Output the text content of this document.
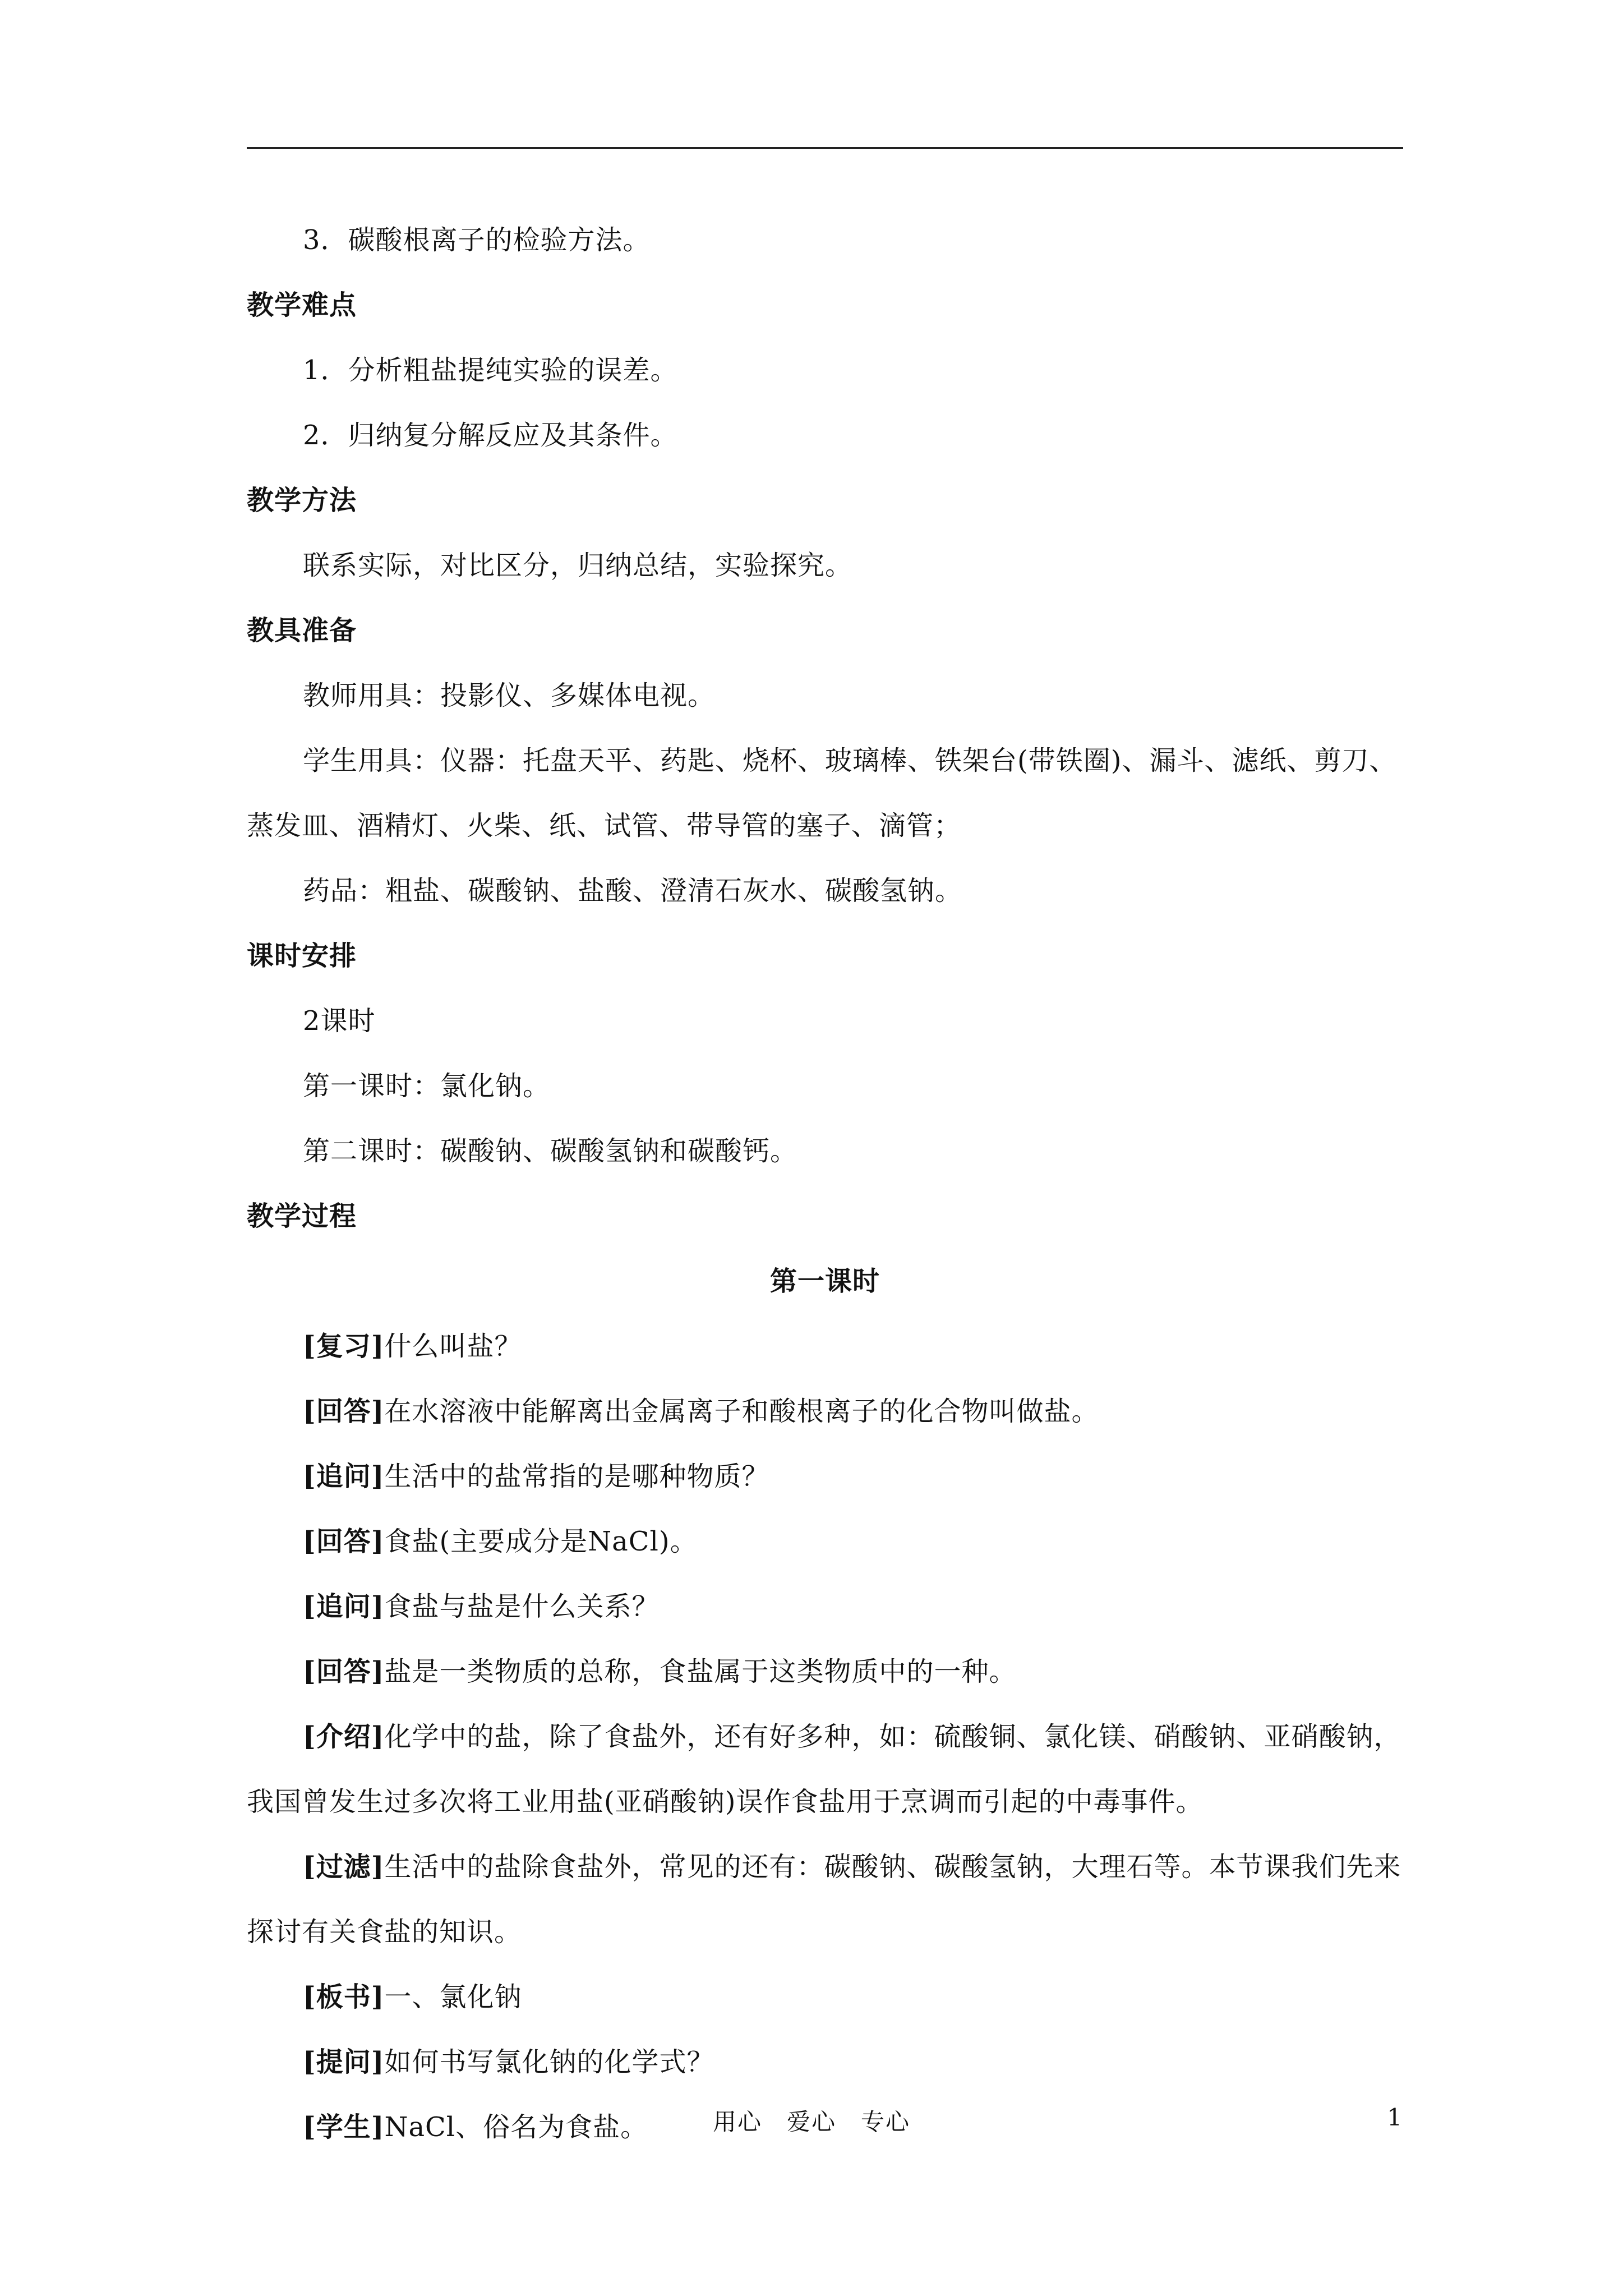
3．碳酸根离子的检验方法。

教学难点

1．分析粗盐提纯实验的误差。

2．归纳复分解反应及其条件。

教学方法

联系实际，对比区分，归纳总结，实验探究。

教具准备

教师用具：投影仪、多媒体电视。

学生用具：仪器：托盘天平、药匙、烧杯、玻璃棒、铁架台(带铁圈)、漏斗、滤纸、剪刀、蒸发皿、酒精灯、火柴、纸、试管、带导管的塞子、滴管；

药品：粗盐、碳酸钠、盐酸、澄清石灰水、碳酸氢钠。

课时安排

2课时

第一课时：氯化钠。

第二课时：碳酸钠、碳酸氢钠和碳酸钙。

教学过程

第一课时

[复习]什么叫盐？

[回答]在水溶液中能解离出金属离子和酸根离子的化合物叫做盐。

[追问]生活中的盐常指的是哪种物质？

[回答]食盐(主要成分是NaCl)。

[追问]食盐与盐是什么关系？

[回答]盐是一类物质的总称，食盐属于这类物质中的一种。

[介绍]化学中的盐，除了食盐外，还有好多种，如：硫酸铜、氯化镁、硝酸钠、亚硝酸钠，我国曾发生过多次将工业用盐(亚硝酸钠)误作食盐用于烹调而引起的中毒事件。

[过滤]生活中的盐除食盐外，常见的还有：碳酸钠、碳酸氢钠，大理石等。本节课我们先来探讨有关食盐的知识。

[板书]一、氯化钠

[提问]如何书写氯化钠的化学式？

[学生]NaCl、俗名为食盐。	用心　爱心　专心	1
